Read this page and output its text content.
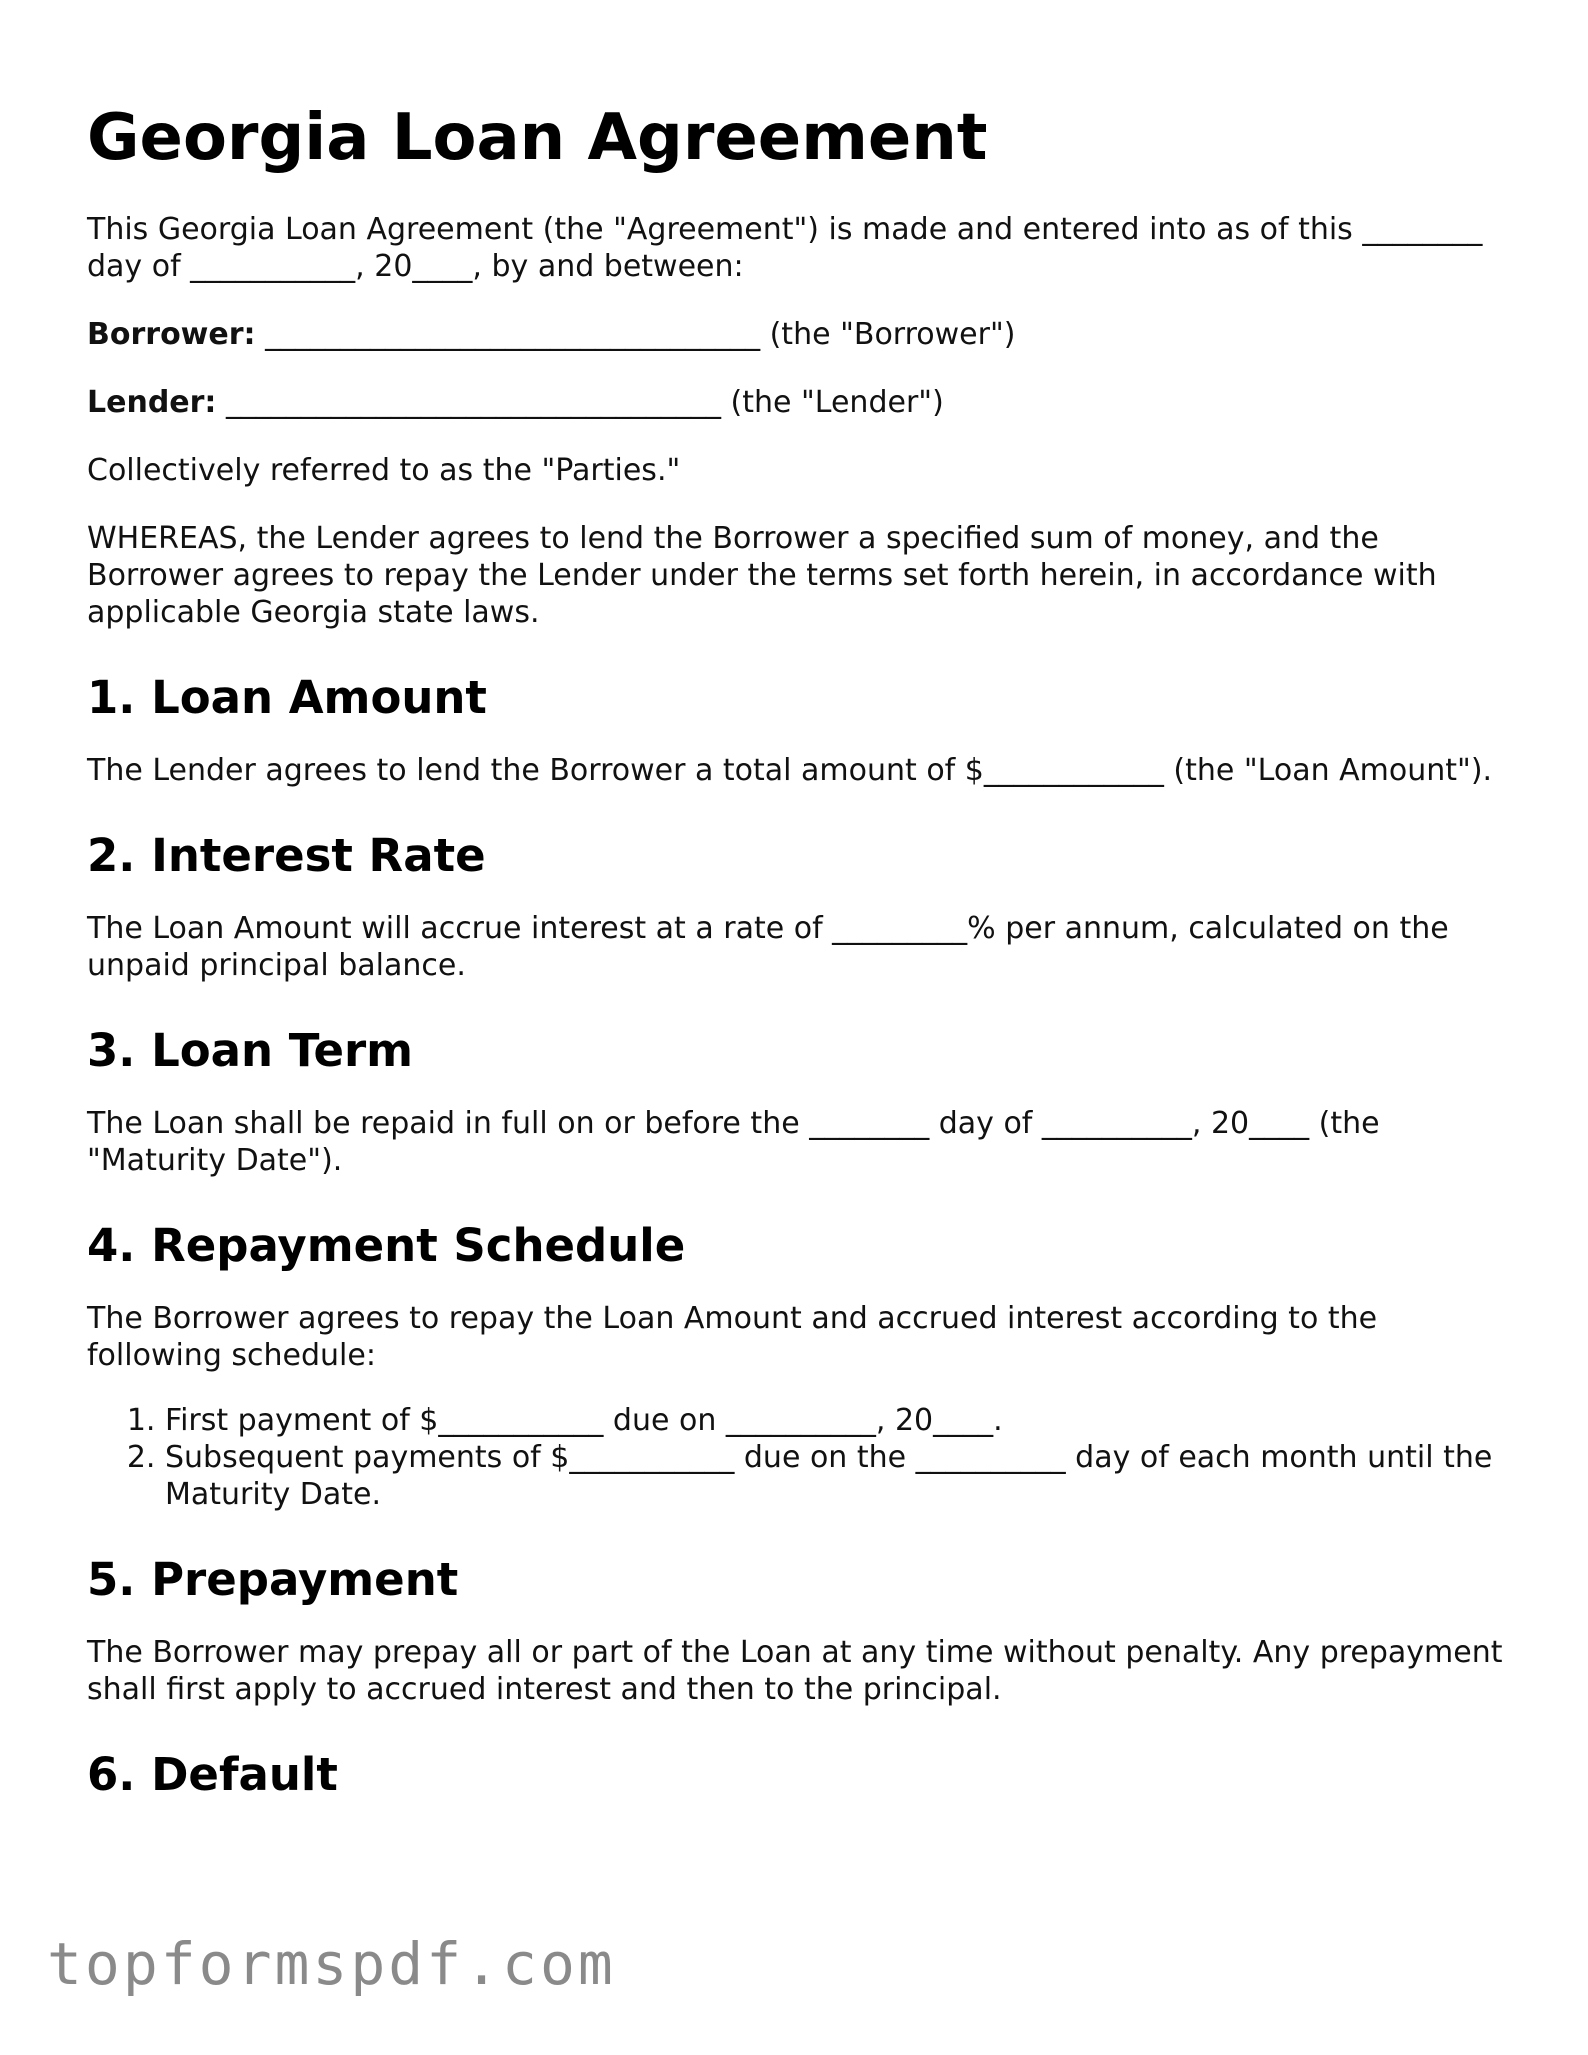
Georgia Loan Agreement

This Georgia Loan Agreement (the "Agreement") is made and entered into as of this ________ day of ___________, 20____, by and between:

Borrower: _________________________________ (the "Borrower")

Lender: _________________________________ (the "Lender")

Collectively referred to as the "Parties."

WHEREAS, the Lender agrees to lend the Borrower a specified sum of money, and the Borrower agrees to repay the Lender under the terms set forth herein, in accordance with applicable Georgia state laws.

1. Loan Amount

The Lender agrees to lend the Borrower a total amount of $____________ (the "Loan Amount").

2. Interest Rate

The Loan Amount will accrue interest at a rate of _________% per annum, calculated on the unpaid principal balance.

3. Loan Term

The Loan shall be repaid in full on or before the ________ day of __________, 20____ (the "Maturity Date").

4. Repayment Schedule

The Borrower agrees to repay the Loan Amount and accrued interest according to the following schedule:

1. First payment of $___________ due on __________, 20____.
2. Subsequent payments of $___________ due on the __________ day of each month until the Maturity Date.
5. Prepayment

The Borrower may prepay all or part of the Loan at any time without penalty. Any prepayment shall first apply to accrued interest and then to the principal.

6. Default
topformspdf.com
